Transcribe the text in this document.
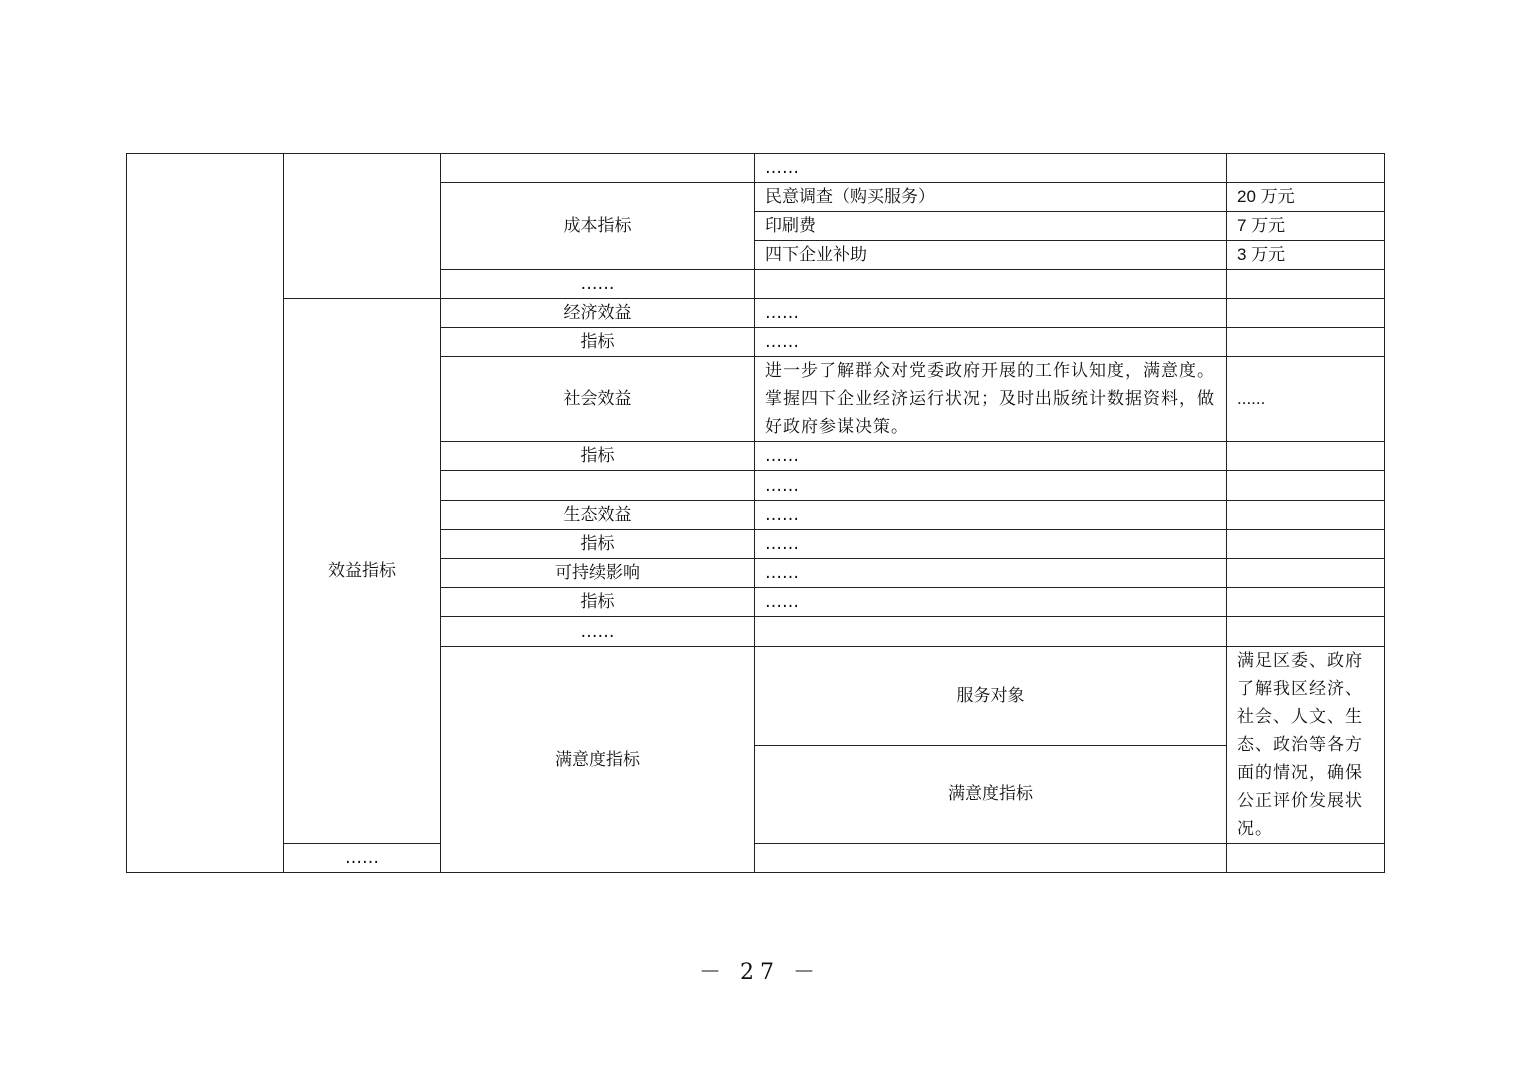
			……		
		成本指标	民意调查（购买服务）	20 万元	
			印刷费	7 万元	
			四下企业补助	3 万元	
		……			
	效益指标	经济效益	……		
		指标	……		
		社会效益	进一步了解群众对党委政府开展的工作认知度，满意度。掌握四下企业经济运行状况；及时出版统计数据资料，做好政府参谋决策。	......	
		指标	……		
			……		
		生态效益	……		
		指标	……		
		可持续影响	……		
		指标	……		
		……			
		满意度指标	服务对象	满足区委、政府了解我区经济、社会、人文、生态、政治等各方面的情况，确保公正评价发展状况。	
			满意度指标		
	……				
－ 27 －
